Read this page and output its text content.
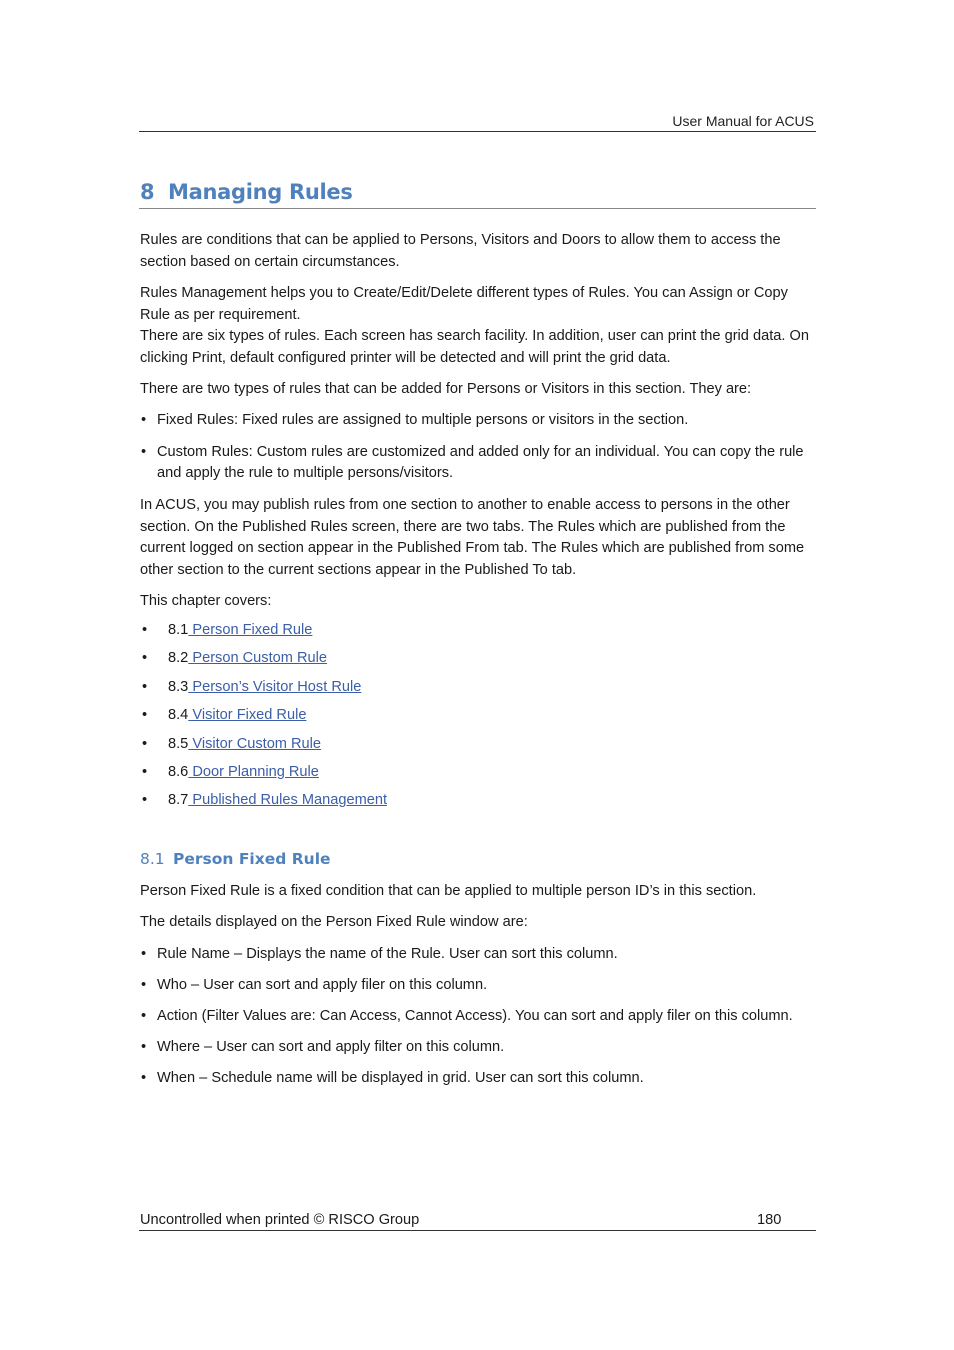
User Manual for ACUS
8 Managing Rules

Rules are conditions that can be applied to Persons, Visitors and Doors to allow them to access the section based on certain circumstances.

Rules Management helps you to Create/Edit/Delete different types of Rules. You can Assign or Copy Rule as per requirement.

There are six types of rules. Each screen has search facility. In addition, user can print the grid data. On clicking Print, default configured printer will be detected and will print the grid data.

There are two types of rules that can be added for Persons or Visitors in this section. They are:

• Fixed Rules: Fixed rules are assigned to multiple persons or visitors in the section.
• Custom Rules: Custom rules are customized and added only for an individual. You can copy the rule and apply the rule to multiple persons/visitors.

In ACUS, you may publish rules from one section to another to enable access to persons in the other section. On the Published Rules screen, there are two tabs. The Rules which are published from the current logged on section appear in the Published From tab. The Rules which are published from some other section to the current sections appear in the Published To tab.

This chapter covers:

• 8.1 Person Fixed Rule
• 8.2 Person Custom Rule
• 8.3 Person’s Visitor Host Rule
• 8.4 Visitor Fixed Rule
• 8.5 Visitor Custom Rule
• 8.6 Door Planning Rule
• 8.7 Published Rules Management
8.1 Person Fixed Rule

Person Fixed Rule is a fixed condition that can be applied to multiple person ID’s in this section.

The details displayed on the Person Fixed Rule window are:

• Rule Name – Displays the name of the Rule. User can sort this column.
• Who – User can sort and apply filer on this column.
• Action (Filter Values are: Can Access, Cannot Access). You can sort and apply filer on this column.
• Where – User can sort and apply filter on this column.
• When – Schedule name will be displayed in grid. User can sort this column.
Uncontrolled when printed © RISCO Group	180
